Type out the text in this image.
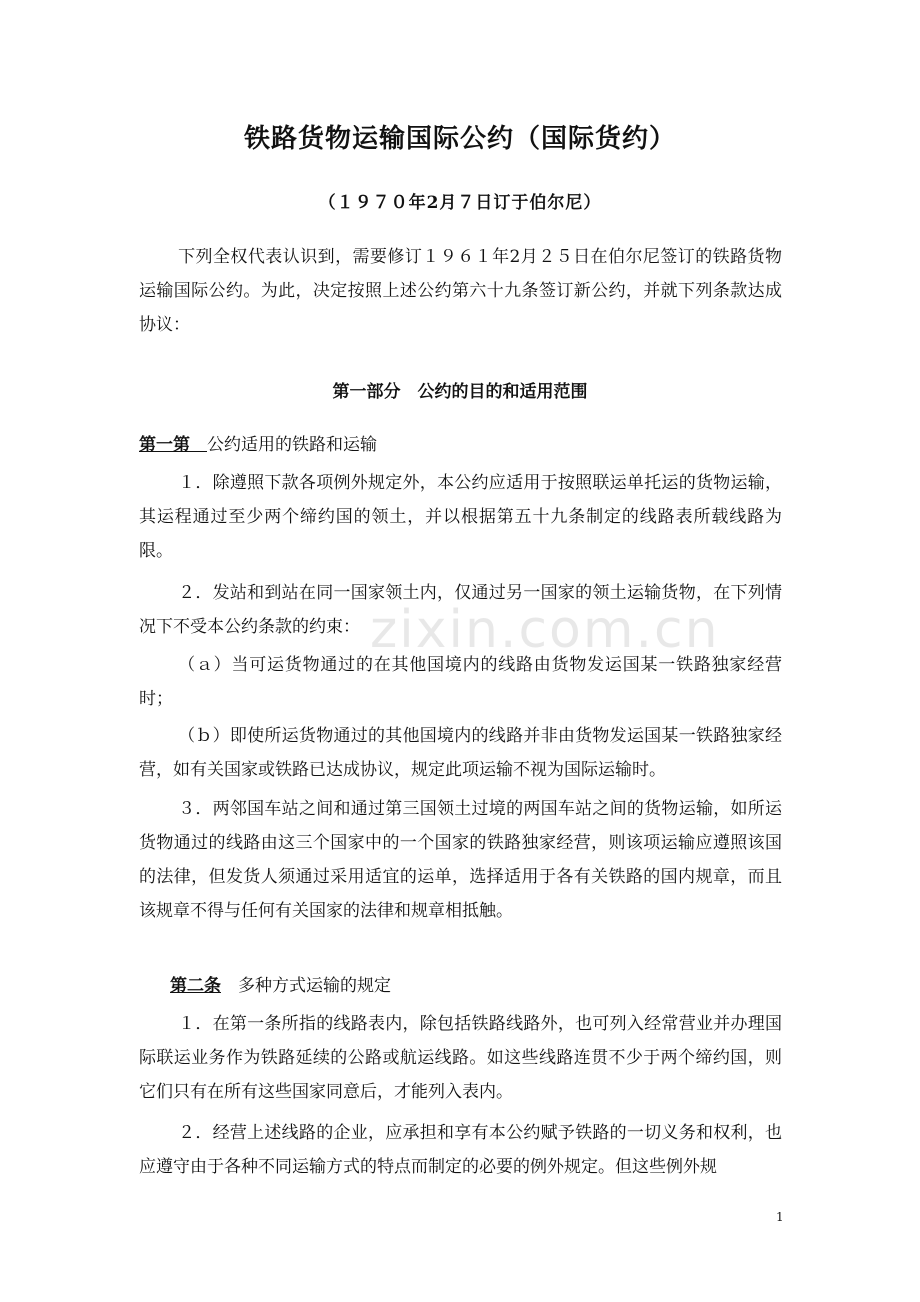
铁路货物运输国际公约（国际货约）
（１９７０年2月７日订于伯尔尼）
下列全权代表认识到，需要修订１９６１年2月２５日在伯尔尼签订的铁路货物运输国际公约。为此，决定按照上述公约第六十九条签订新公约，并就下列条款达成协议：
第一部分　公约的目的和适用范围
第一第　 公约适用的铁路和运输
１．除遵照下款各项例外规定外，本公约应适用于按照联运单托运的货物运输，其运程通过至少两个缔约国的领土，并以根据第五十九条制定的线路表所载线路为限。
２．发站和到站在同一国家领土内，仅通过另一国家的领土运输货物，在下列情况下不受本公约条款的约束：
（ａ）当可运货物通过的在其他国境内的线路由货物发运国某一铁路独家经营时；
（ｂ）即使所运货物通过的其他国境内的线路并非由货物发运国某一铁路独家经营，如有关国家或铁路已达成协议，规定此项运输不视为国际运输时。
３．两邻国车站之间和通过第三国领土过境的两国车站之间的货物运输，如所运货物通过的线路由这三个国家中的一个国家的铁路独家经营，则该项运输应遵照该国的法律，但发货人须通过采用适宜的运单，选择适用于各有关铁路的国内规章，而且该规章不得与任何有关国家的法律和规章相抵触。
第二条　 多种方式运输的规定
１．在第一条所指的线路表内，除包括铁路线路外，也可列入经常营业并办理国际联运业务作为铁路延续的公路或航运线路。如这些线路连贯不少于两个缔约国，则它们只有在所有这些国家同意后，才能列入表内。
２．经营上述线路的企业，应承担和享有本公约赋予铁路的一切义务和权利，也应遵守由于各种不同运输方式的特点而制定的必要的例外规定。但这些例外规
zixin.com.cn
1
